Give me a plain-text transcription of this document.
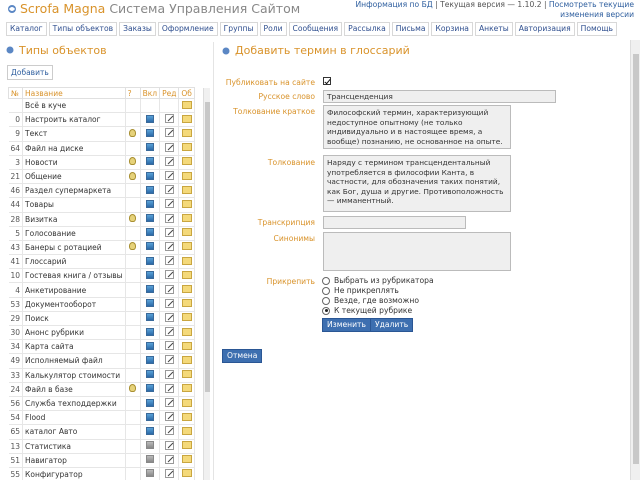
Scrofa Magna Система Управления Сайтом	Информация по БД | Текущая версия — 1.10.2 | Посмотреть текущие изменения версии
Каталог	Типы объектов	Заказы	Оформление	Группы	Роли	Сообщения	Рассылка	Письма	Корзина	Анкеты	Авторизация	Помощь
Типы объектов
Добавить
№	Название	?	Вкл	Ред	Об
	Всё в куче				
0	Настроить каталог				
9	Текст				
64	Файл на диске				
3	Новости				
21	Общение				
46	Раздел супермаркета				
44	Товары				
28	Визитка				
5	Голосование				
43	Банеры с ротацией				
41	Глоссарий				
10	Гостевая книга / отзывы				
4	Анкетирование				
53	Документооборот				
29	Поиск				
30	Анонс рубрики				
34	Карта сайта				
49	Исполняемый файл				
33	Калькулятор стоимости				
24	Файл в базе				
56	Служба техподдержки				
54	Flood				
65	каталог Авто				
13	Статистика				
51	Навигатор				
55	Конфигуратор				
Добавить термин в глоссарий
Публиковать на сайте
Русское слово	Трансценденция
Толкование краткое	Философский термин, характеризующий недоступное опытному (не только индивидуально и в настоящее время, а вообще) познанию, не основанное на опыте.
Толкование	Наряду с термином трансцендентальный употребляется в философии Канта, в частности, для обозначения таких понятий, как Бог, душа и другие. Противоположность — имманентный.
Транскрипция
Синонимы
Прикрепить	Выбрать из рубрикатора
Не прикреплять
Везде, где возможно
К текущей рубрике
Изменить	Удалить
Отмена
